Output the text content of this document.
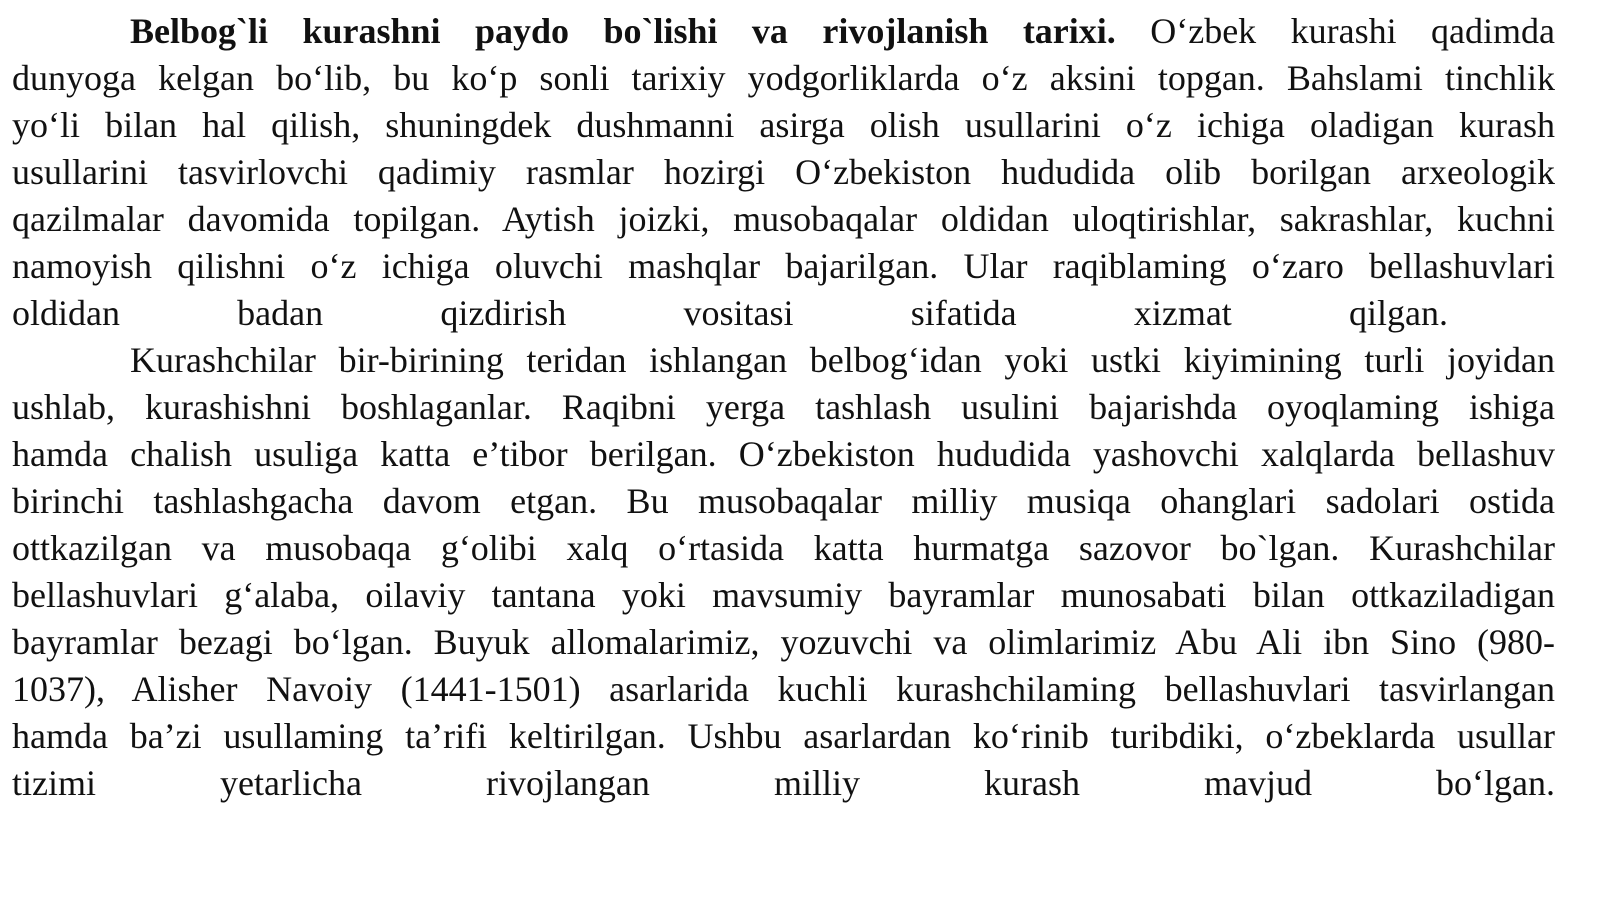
Belbog`li kurashni paydo bo`lishi va rivojlanish tarixi. O‘zbek kurashi qadimda
dunyoga kelgan bo‘lib, bu ko‘p sonli tarixiy yodgorliklarda o‘z aksini topgan. Bahslami tinchlik
yo‘li bilan hal qilish, shuningdek dushmanni asirga olish usullarini o‘z ichiga oladigan kurash
usullarini tasvirlovchi qadimiy rasmlar hozirgi O‘zbekiston hududida olib borilgan arxeologik
qazilmalar davomida topilgan. Aytish joizki, musobaqalar oldidan uloqtirishlar, sakrashlar, kuchni
namoyish qilishni o‘z ichiga oluvchi mashqlar bajarilgan. Ular raqiblaming o‘zaro bellashuvlari
oldidan badan qizdirish vositasi sifatida xizmat qilgan.
Kurashchilar bir-birining teridan ishlangan belbog‘idan yoki ustki kiyimining turli joyidan
ushlab, kurashishni boshlaganlar. Raqibni yerga tashlash usulini bajarishda oyoqlaming ishiga
hamda chalish usuliga katta e’tibor berilgan. O‘zbekiston hududida yashovchi xalqlarda bellashuv
birinchi tashlashgacha davom etgan. Bu musobaqalar milliy musiqa ohanglari sadolari ostida
ottkazilgan va musobaqa g‘olibi xalq o‘rtasida katta hurmatga sazovor bo`lgan. Kurashchilar
bellashuvlari g‘alaba, oilaviy tantana yoki mavsumiy bayramlar munosabati bilan ottkaziladigan
bayramlar bezagi bo‘lgan. Buyuk allomalarimiz, yozuvchi va olimlarimiz Abu Ali ibn Sino (980-
1037), Alisher Navoiy (1441-1501) asarlarida kuchli kurashchilaming bellashuvlari tasvirlangan
hamda ba’zi usullaming ta’rifi keltirilgan. Ushbu asarlardan ko‘rinib turibdiki, o‘zbeklarda usullar
tizimi yetarlicha rivojlangan milliy kurash mavjud bo‘lgan.
